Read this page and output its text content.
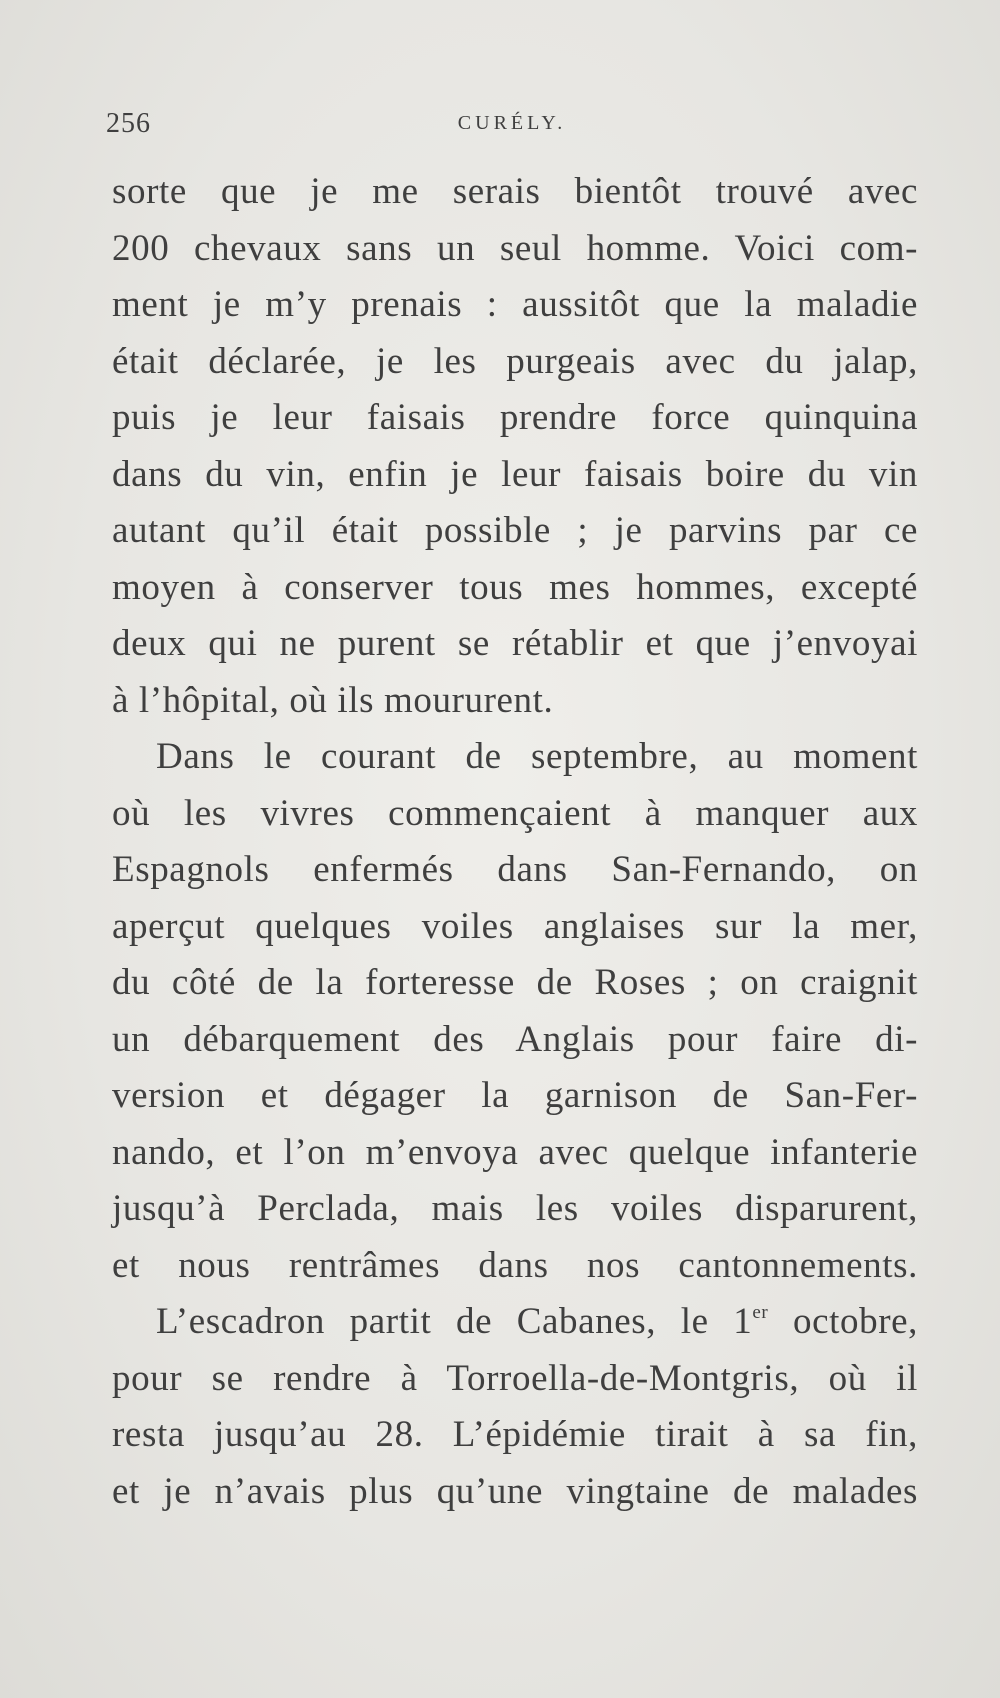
256	CURÉLY.
sorte que je me serais bientôt trouvé avec
200 chevaux sans un seul homme. Voici com-
ment je m’y prenais : aussitôt que la maladie
était déclarée, je les purgeais avec du jalap,
puis je leur faisais prendre force quinquina
dans du vin, enfin je leur faisais boire du vin
autant qu’il était possible ; je parvins par ce
moyen à conserver tous mes hommes, excepté
deux qui ne purent se rétablir et que j’envoyai
à l’hôpital, où ils moururent.
Dans le courant de septembre, au moment
où les vivres commençaient à manquer aux
Espagnols enfermés dans San-Fernando, on
aperçut quelques voiles anglaises sur la mer,
du côté de la forteresse de Roses ; on craignit
un débarquement des Anglais pour faire di-
version et dégager la garnison de San-Fer-
nando, et l’on m’envoya avec quelque infanterie
jusqu’à Perclada, mais les voiles disparurent,
et nous rentrâmes dans nos cantonnements.
L’escadron partit de Cabanes, le 1er octobre,
pour se rendre à Torroella-de-Montgris, où il
resta jusqu’au 28. L’épidémie tirait à sa fin,
et je n’avais plus qu’une vingtaine de malades
